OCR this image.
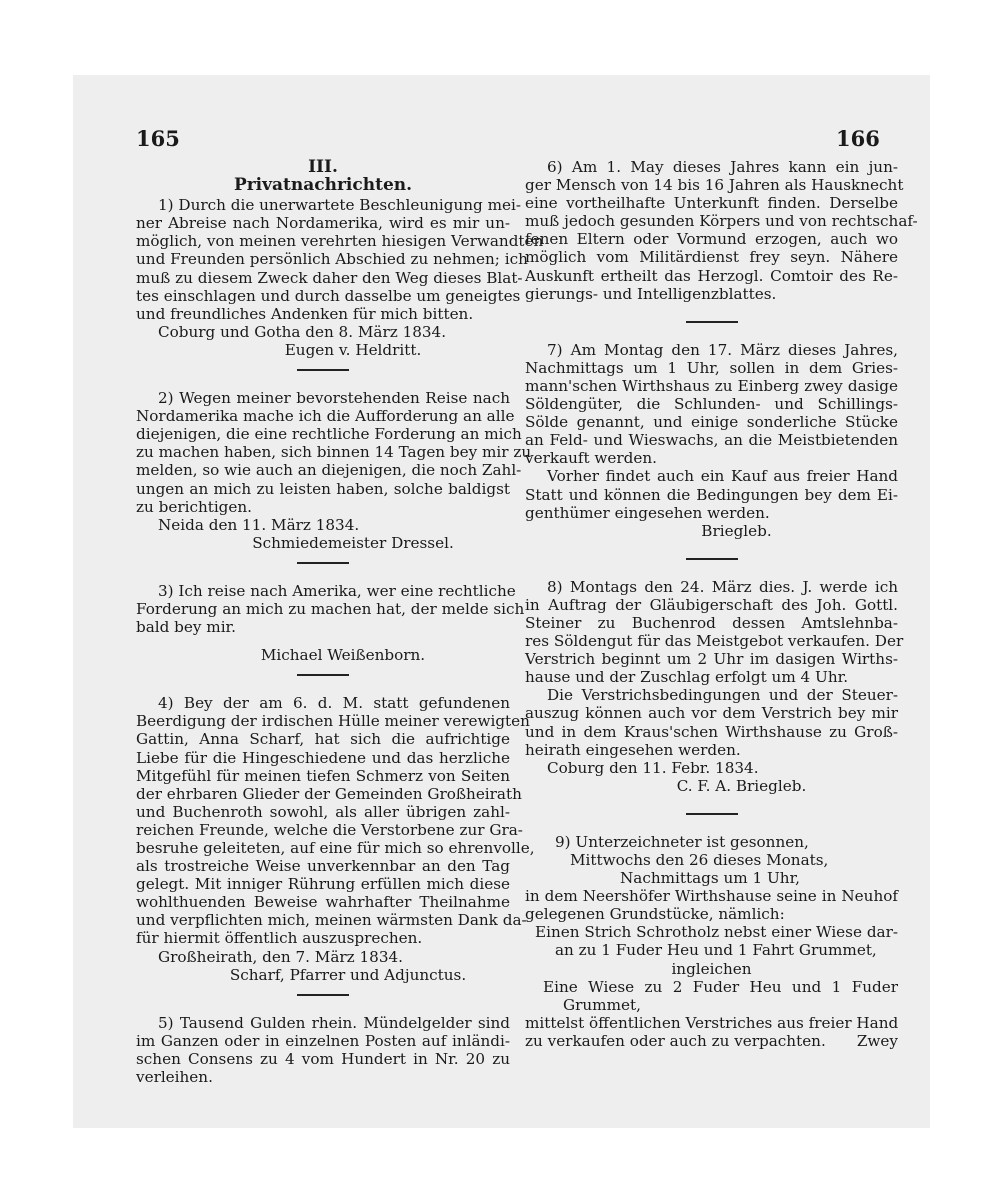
165	166
III.
Privatnachrichten.
1) Durch die unerwartete Beschleunigung mei-
ner Abreise nach Nordamerika, wird es mir un-
möglich, von meinen verehrten hiesigen Verwandten
und Freunden persönlich Abschied zu nehmen; ich
muß zu diesem Zweck daher den Weg dieses Blat-
tes einschlagen und durch dasselbe um geneigtes
und freundliches Andenken für mich bitten.
Coburg und Gotha den 8. März 1834.
Eugen v. Heldritt.
2) Wegen meiner bevorstehenden Reise nach
Nordamerika mache ich die Aufforderung an alle
diejenigen, die eine rechtliche Forderung an mich
zu machen haben, sich binnen 14 Tagen bey mir zu
melden, so wie auch an diejenigen, die noch Zahl-
ungen an mich zu leisten haben, solche baldigst
zu berichtigen.
Neida den 11. März 1834.
Schmiedemeister Dressel.
3) Ich reise nach Amerika, wer eine rechtliche
Forderung an mich zu machen hat, der melde sich
bald bey mir.
Michael Weißenborn.
4) Bey der am 6. d. M. statt gefundenen
Beerdigung der irdischen Hülle meiner verewigten
Gattin, Anna Scharf, hat sich die aufrichtige
Liebe für die Hingeschiedene und das herzliche
Mitgefühl für meinen tiefen Schmerz von Seiten
der ehrbaren Glieder der Gemeinden Großheirath
und Buchenroth sowohl, als aller übrigen zahl-
reichen Freunde, welche die Verstorbene zur Gra-
besruhe geleiteten, auf eine für mich so ehrenvolle,
als trostreiche Weise unverkennbar an den Tag
gelegt. Mit inniger Rührung erfüllen mich diese
wohlthuenden Beweise wahrhafter Theilnahme
und verpflichten mich, meinen wärmsten Dank da-
für hiermit öffentlich auszusprechen.
Großheirath, den 7. März 1834.
Scharf, Pfarrer und Adjunctus.
5) Tausend Gulden rhein. Mündelgelder sind
im Ganzen oder in einzelnen Posten auf inländi-
schen Consens zu 4 vom Hundert in Nr. 20 zu
verleihen.
6) Am 1. May dieses Jahres kann ein jun-
ger Mensch von 14 bis 16 Jahren als Hausknecht
eine vortheilhafte Unterkunft finden. Derselbe
muß jedoch gesunden Körpers und von rechtschaf-
fenen Eltern oder Vormund erzogen, auch wo
möglich vom Militärdienst frey seyn. Nähere
Auskunft ertheilt das Herzogl. Comtoir des Re-
gierungs- und Intelligenzblattes.
7) Am Montag den 17. März dieses Jahres,
Nachmittags um 1 Uhr, sollen in dem Gries-
mann'schen Wirthshaus zu Einberg zwey dasige
Söldengüter, die Schlunden- und Schillings-
Sölde genannt, und einige sonderliche Stücke
an Feld- und Wieswachs, an die Meistbietenden
verkauft werden.
Vorher findet auch ein Kauf aus freier Hand
Statt und können die Bedingungen bey dem Ei-
genthümer eingesehen werden.
Briegleb.
8) Montags den 24. März dies. J. werde ich
in Auftrag der Gläubigerschaft des Joh. Gottl.
Steiner zu Buchenrod dessen Amtslehnba-
res Söldengut für das Meistgebot verkaufen. Der
Verstrich beginnt um 2 Uhr im dasigen Wirths-
hause und der Zuschlag erfolgt um 4 Uhr.
Die Verstrichsbedingungen und der Steuer-
auszug können auch vor dem Verstrich bey mir
und in dem Kraus'schen Wirthshause zu Groß-
heirath eingesehen werden.
Coburg den 11. Febr. 1834.
C. F. A. Briegleb.
9) Unterzeichneter ist gesonnen,
Mittwochs den 26 dieses Monats,
Nachmittags um 1 Uhr,
in dem Neershöfer Wirthshause seine in Neuhof
gelegenen Grundstücke, nämlich:
Einen Strich Schrotholz nebst einer Wiese dar-
an zu 1 Fuder Heu und 1 Fahrt Grummet,
ingleichen
Eine Wiese zu 2 Fuder Heu und 1 Fuder
Grummet,
mittelst öffentlichen Verstriches aus freier Hand
zu verkaufen oder auch zu verpachten. Zwey
